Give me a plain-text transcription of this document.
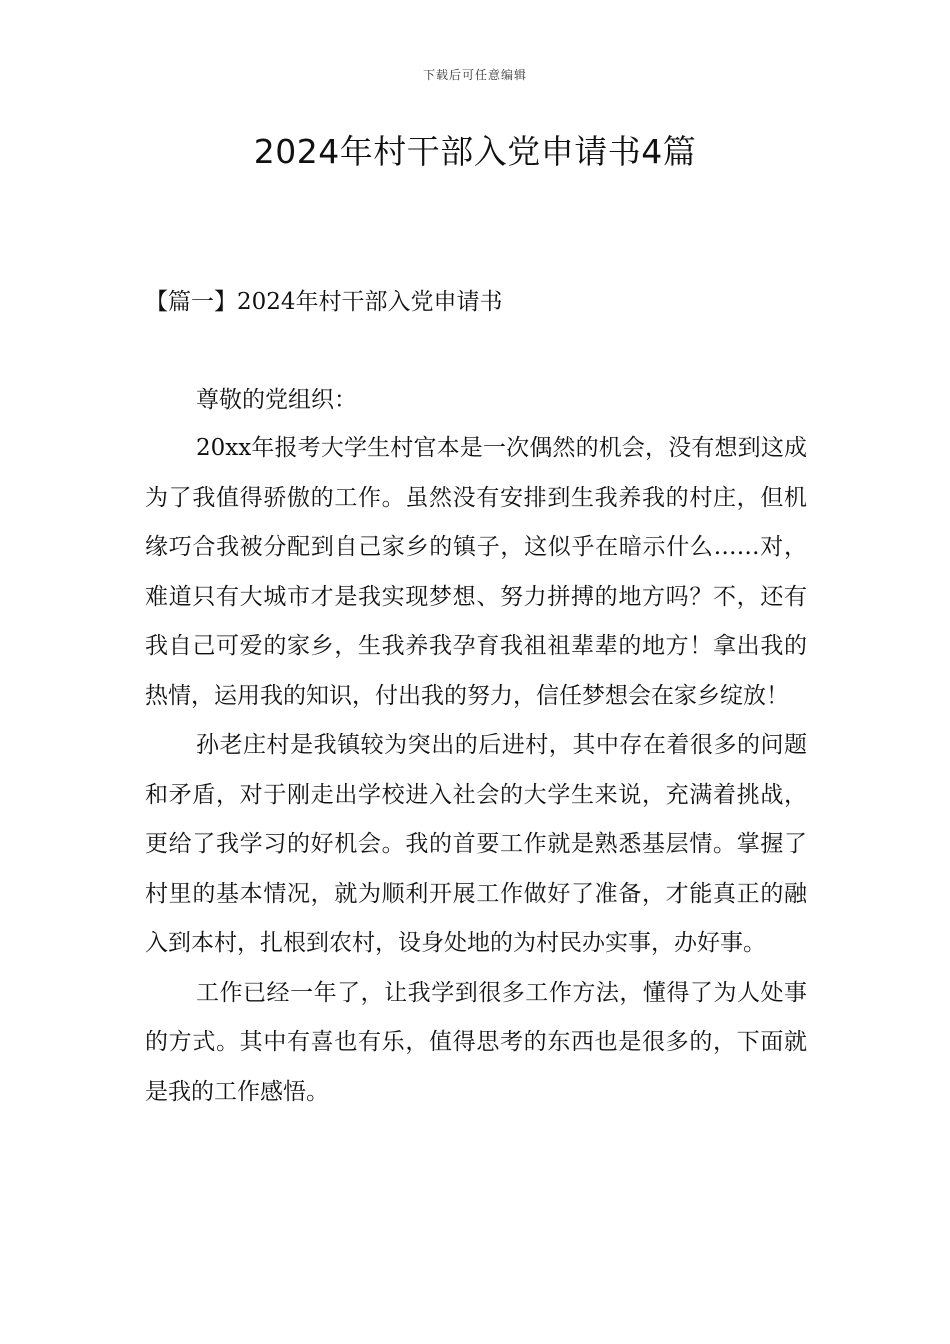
下载后可任意编辑
2024年村干部入党申请书4篇
【篇一】2024年村干部入党申请书
尊敬的党组织：

20xx年报考大学生村官本是一次偶然的机会，没有想到这成为了我值得骄傲的工作。虽然没有安排到生我养我的村庄，但机缘巧合我被分配到自己家乡的镇子，这似乎在暗示什么……对，难道只有大城市才是我实现梦想、努力拼搏的地方吗？不，还有我自己可爱的家乡，生我养我孕育我祖祖辈辈的地方！拿出我的热情，运用我的知识，付出我的努力，信任梦想会在家乡绽放！

孙老庄村是我镇较为突出的后进村，其中存在着很多的问题和矛盾，对于刚走出学校进入社会的大学生来说，充满着挑战，更给了我学习的好机会。我的首要工作就是熟悉基层情。掌握了村里的基本情况，就为顺利开展工作做好了准备，才能真正的融入到本村，扎根到农村，设身处地的为村民办实事，办好事。

工作已经一年了，让我学到很多工作方法，懂得了为人处事的方式。其中有喜也有乐，值得思考的东西也是很多的，下面就是我的工作感悟。
